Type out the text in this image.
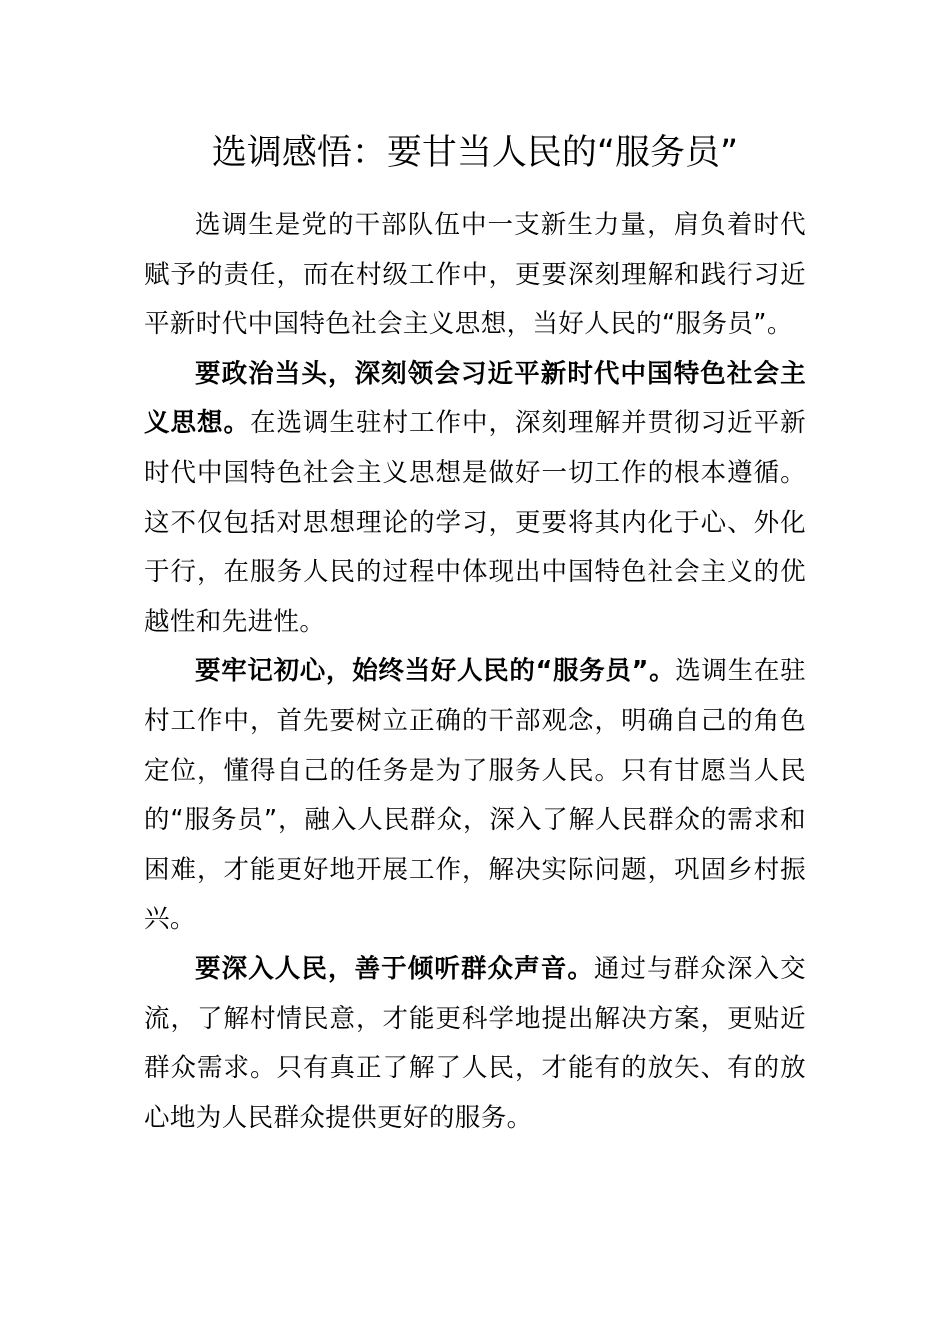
选调感悟：要甘当人民的“服务员”

选调生是党的干部队伍中一支新生力量，肩负着时代赋予的责任，而在村级工作中，更要深刻理解和践行习近平新时代中国特色社会主义思想，当好人民的“服务员”。

要政治当头，深刻领会习近平新时代中国特色社会主义思想。在选调生驻村工作中，深刻理解并贯彻习近平新时代中国特色社会主义思想是做好一切工作的根本遵循。这不仅包括对思想理论的学习，更要将其内化于心、外化于行，在服务人民的过程中体现出中国特色社会主义的优越性和先进性。

要牢记初心，始终当好人民的“服务员”。选调生在驻村工作中，首先要树立正确的干部观念，明确自己的角色定位，懂得自己的任务是为了服务人民。只有甘愿当人民的“服务员”，融入人民群众，深入了解人民群众的需求和困难，才能更好地开展工作，解决实际问题，巩固乡村振兴。

要深入人民，善于倾听群众声音。通过与群众深入交流，了解村情民意，才能更科学地提出解决方案，更贴近群众需求。只有真正了解了人民，才能有的放矢、有的放心地为人民群众提供更好的服务。
